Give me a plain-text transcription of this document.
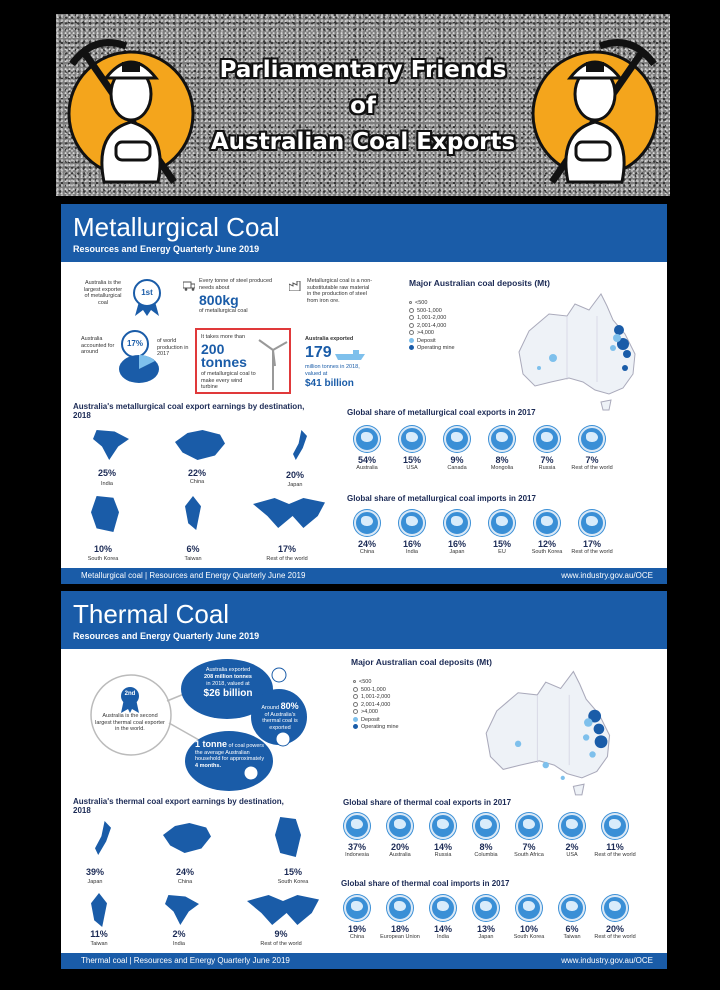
Parliamentary Friends
of
Australian Coal Exports
Metallurgical Coal
Resources and Energy Quarterly June 2019
Australia is the largest exporter of metallurgical coal
1st
Every tonne of steel produced needs about
800kg
of metallurgical coal
Metallurgical coal is a non-substitutable raw material in the production of steel from iron ore.
Major Australian coal deposits (Mt)
<500
500-1,000
1,001-2,000
2,001-4,000
>4,000
Deposit
Operating mine
Australia accounted for around
17%	of world production in 2017
It takes more than
200
tonnes
of metallurgical coal to make every wind turbine
Australia exported
179
million tonnes in 2018, valued at
$41 billion
Australia's metallurgical coal export earnings by destination, 2018
25%
India
22%
China
20%
Japan
10%
South Korea
6%
Taiwan
17%
Rest of the world
Global share of metallurgical coal exports in 2017
54%
Australia
15%
USA
9%
Canada
8%
Mongolia
7%
Russia
7%
Rest of the world
Global share of metallurgical coal imports in 2017
24%
China
16%
India
16%
Japan
15%
EU
12%
South Korea
17%
Rest of the world
Metallurgical coal | Resources and Energy Quarterly June 2019	www.industry.gov.au/OCE
Thermal Coal
Resources and Energy Quarterly June 2019
2nd
Australia is the second largest thermal coal exporter in the world.
Australia exported
208 million tonnes
in 2018, valued at
$26 billion
Around 80%
of Australia's thermal coal is exported
1 tonne of coal powers the average Australian household for approximately
4 months.
Major Australian coal deposits (Mt)
<500
500-1,000
1,001-2,000
2,001-4,000
>4,000
Deposit
Operating mine
Australia's thermal coal export earnings by destination, 2018
39%
Japan
24%
China
15%
South Korea
11%
Taiwan
2%
India
9%
Rest of the world
Global share of thermal coal exports in 2017
37%
Indonesia
20%
Australia
14%
Russia
8%
Columbia
7%
South Africa
2%
USA
11%
Rest of the world
Global share of thermal coal imports in 2017
19%
China
18%
European Union
14%
India
13%
Japan
10%
South Korea
6%
Taiwan
20%
Rest of the world
Thermal coal | Resources and Energy Quarterly June 2019	www.industry.gov.au/OCE
